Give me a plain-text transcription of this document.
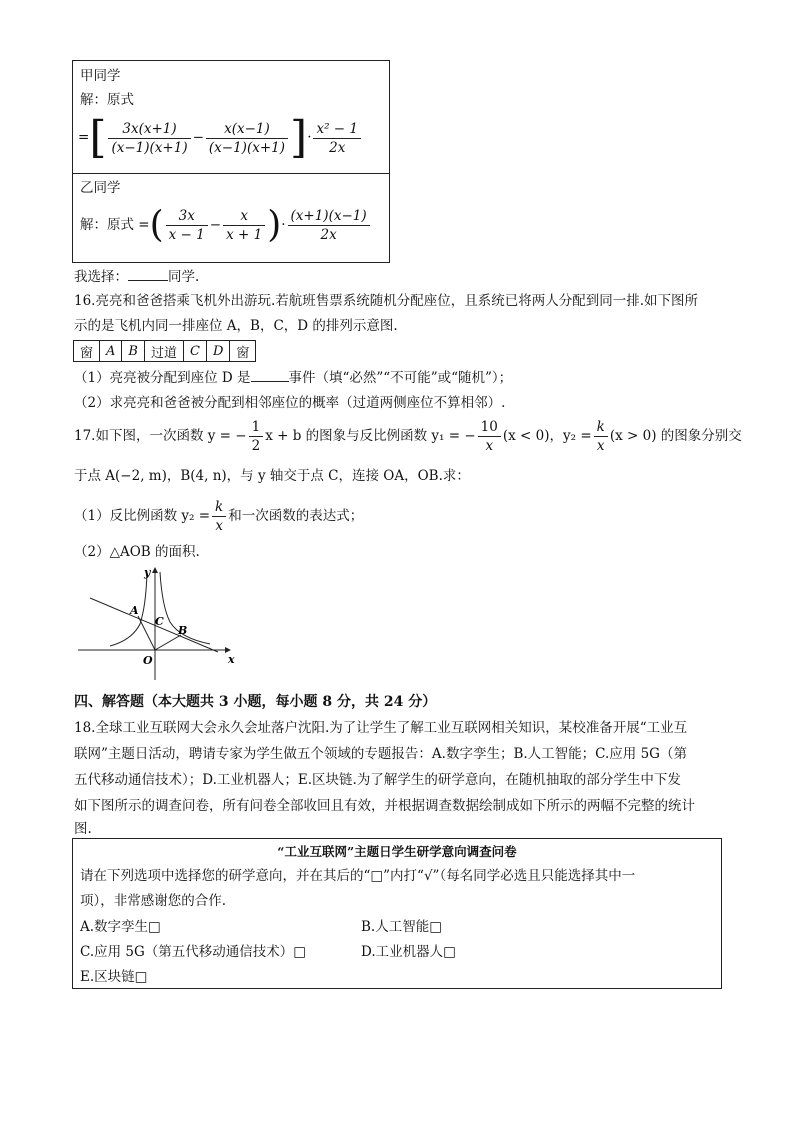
甲同学
解：原式
=[ $\frac{3x(x+1)}{(x-1)(x+1)} - \frac{x(x-1)}{(x-1)(x+1)}$ ]· $\frac{\text{x² − 1}}{2x}$
乙同学
解：原式 =( $\frac{3x}{x - 1} - \frac{x}{x + 1}$ )· $\frac{(x+1)(x-1)}{2x}$
我选择：	同学.
16.亮亮和爸爸搭乘飞机外出游玩.若航班售票系统随机分配座位，且系统已将两人分配到同一排.如下图所
示的是飞机内同一排座位 A，B，C，D 的排列示意图.
窗	A	B	过道	C	D	窗
（1）亮亮被分配到座位 D 是	事件（填“必然”“不可能”或“随机”）；
（2）求亮亮和爸爸被分配到相邻座位的概率（过道两侧座位不算相邻）.
17.如下图，一次函数 y = − $\frac{1}{2}$ x + b 的图象与反比例函数 y₁ = − $\frac{10}{x} (x < 0)$，$y_2 = \frac{k}{x} (x > 0)$ 的图象分别交
于点 A(−2, m)，B(4, n)，与 y 轴交于点 C，连接 OA，OB.求：
（1）反比例函数 $y_2 = \frac{k}{x}$ 和一次函数的表达式；
（2）△AOB 的面积.
y
x
O
A
C
B
四、解答题（本大题共 3 小题，每小题 8 分，共 24 分）
18.全球工业互联网大会永久会址落户沈阳.为了让学生了解工业互联网相关知识，某校准备开展“工业互
联网”主题日活动，聘请专家为学生做五个领域的专题报告：A.数字孪生；B.人工智能；C.应用 5G（第
五代移动通信技术）；D.工业机器人；E.区块链.为了解学生的研学意向，在随机抽取的部分学生中下发
如下图所示的调查问卷，所有问卷全部收回且有效，并根据调查数据绘制成如下所示的两幅不完整的统计
图.
“工业互联网”主题日学生研学意向调查问卷
请在下列选项中选择您的研学意向，并在其后的“□”内打“√”（每名同学必选且只能选择其中一
项），非常感谢您的合作.
A.数字孪生□	B.人工智能□
C.应用 5G（第五代移动通信技术）□	D.工业机器人□
E.区块链□
